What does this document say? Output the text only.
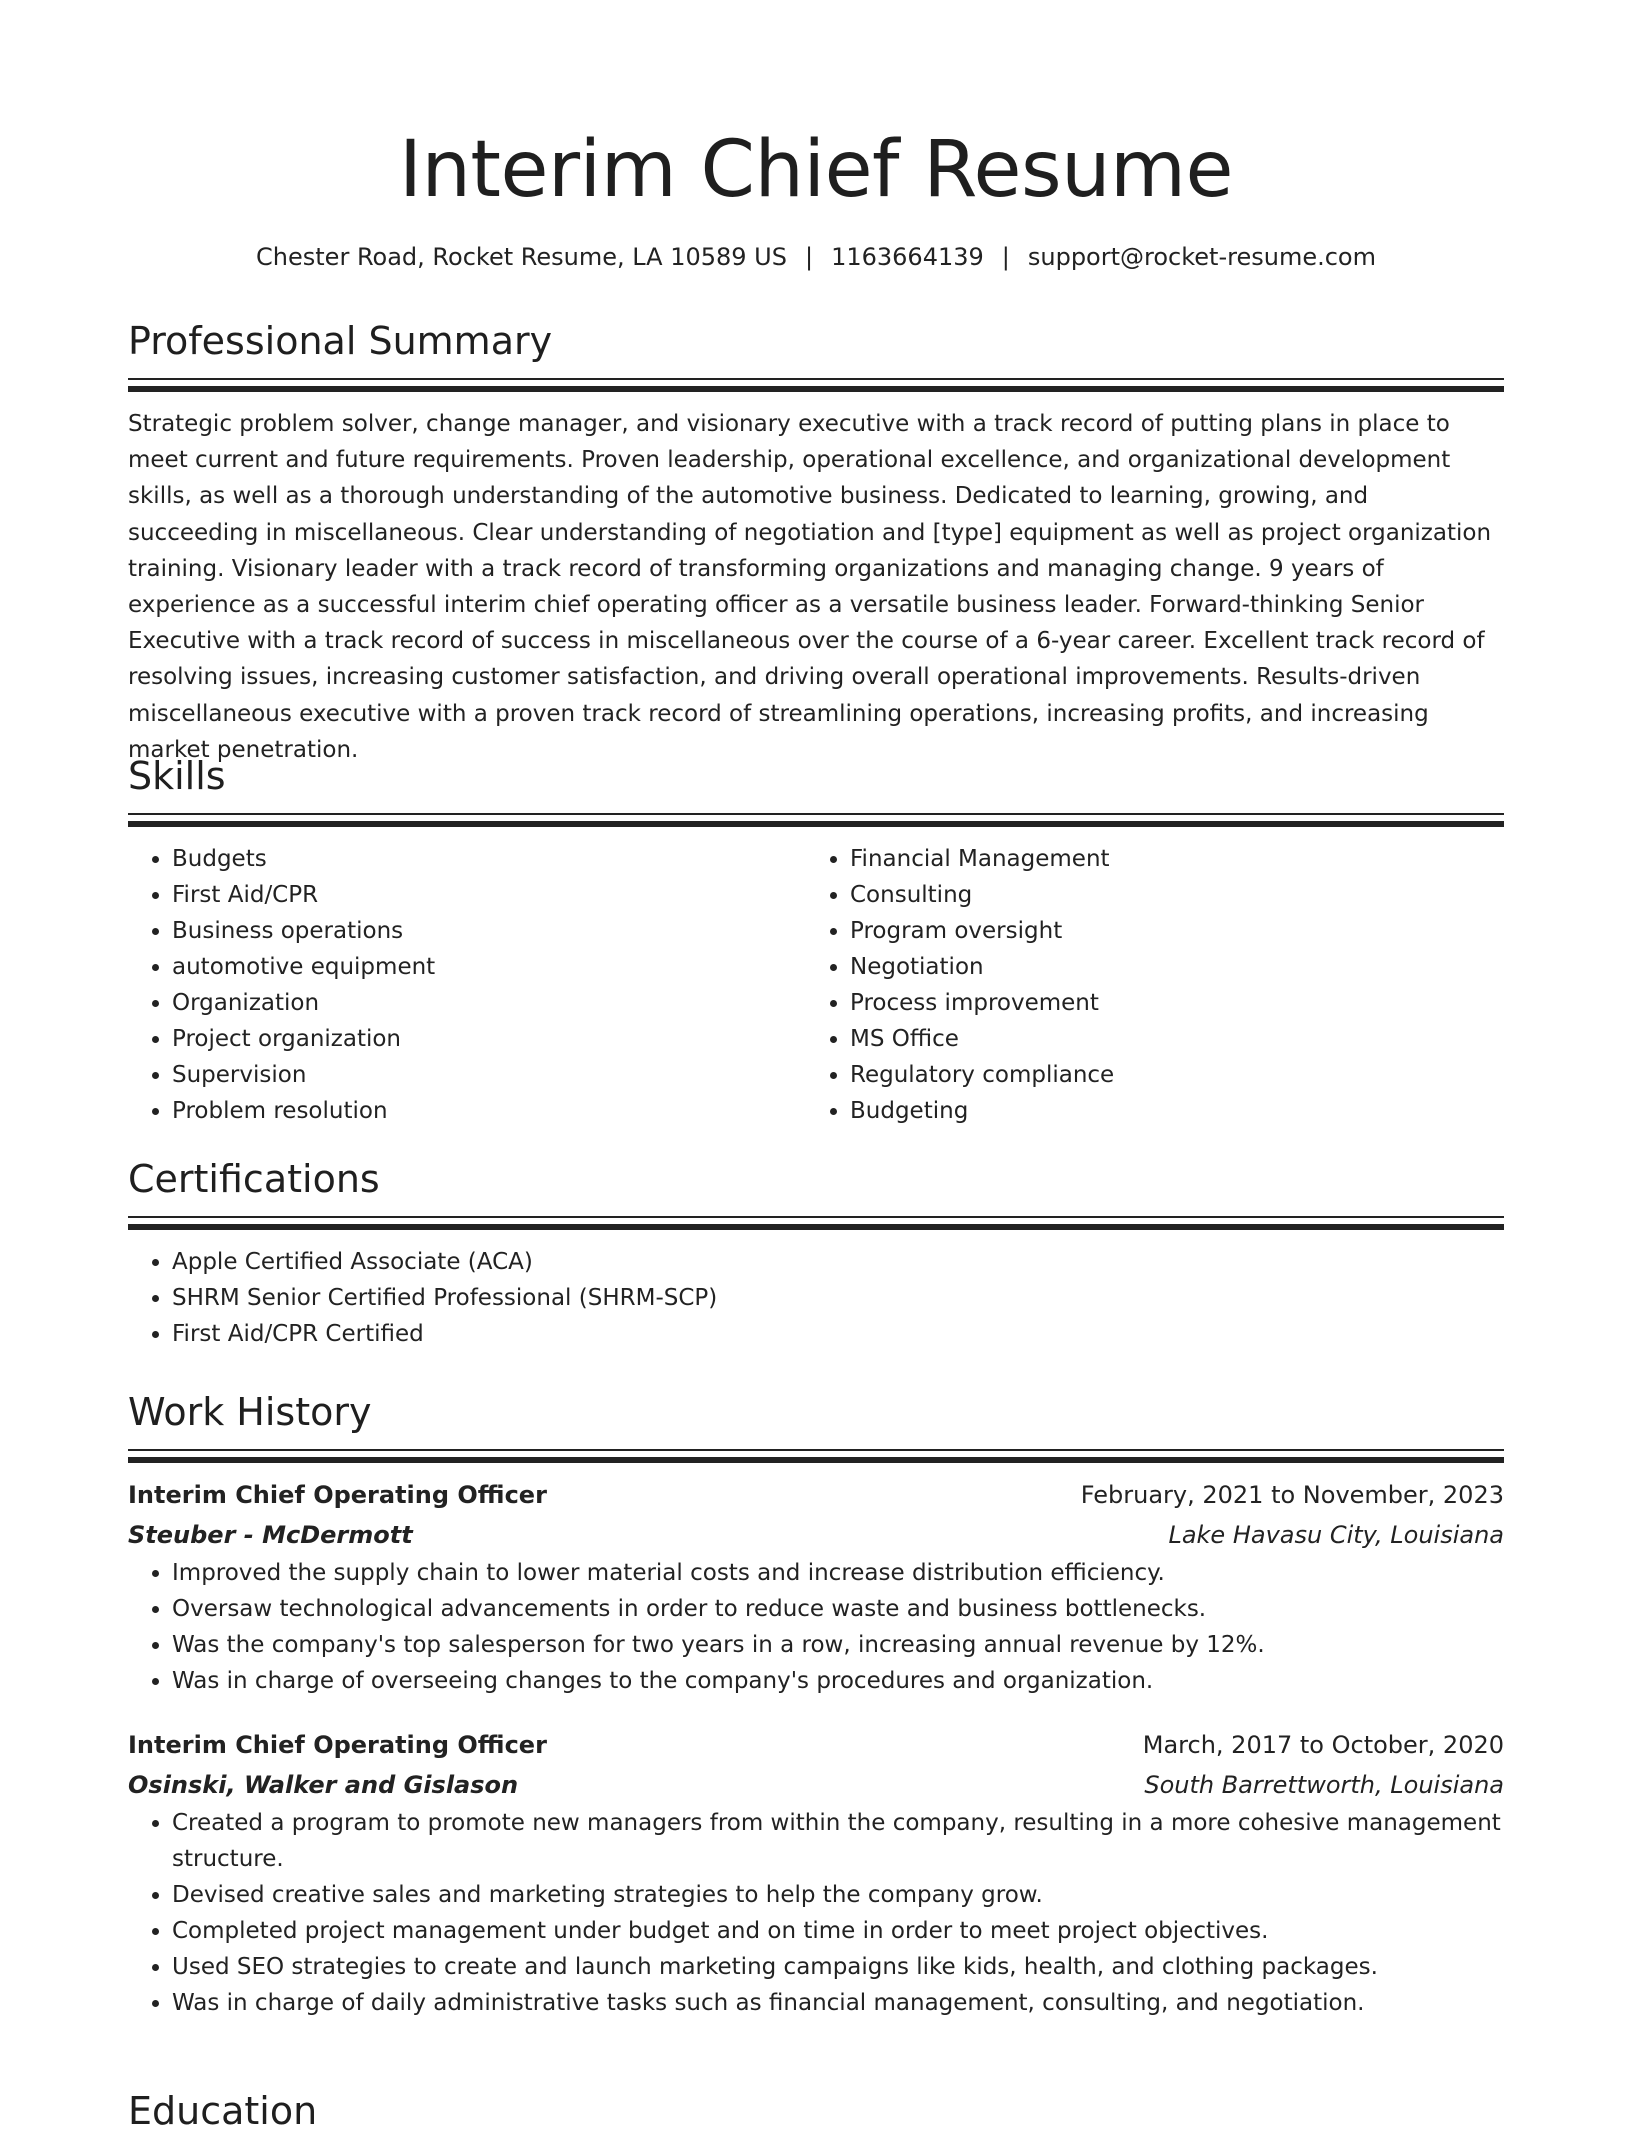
Interim Chief Resume
Chester Road, Rocket Resume, LA 10589 US | 1163664139 | support@rocket-resume.com
Professional Summary
Strategic problem solver, change manager, and visionary executive with a track record of putting plans in place to meet current and future requirements. Proven leadership, operational excellence, and organizational development skills, as well as a thorough understanding of the automotive business. Dedicated to learning, growing, and succeeding in miscellaneous. Clear understanding of negotiation and [type] equipment as well as project organization training. Visionary leader with a track record of transforming organizations and managing change. 9 years of experience as a successful interim chief operating officer as a versatile business leader. Forward-thinking Senior Executive with a track record of success in miscellaneous over the course of a 6-year career. Excellent track record of resolving issues, increasing customer satisfaction, and driving overall operational improvements. Results-driven miscellaneous executive with a proven track record of streamlining operations, increasing profits, and increasing market penetration.
Skills
• Budgets
• First Aid/CPR
• Business operations
• automotive equipment
• Organization
• Project organization
• Supervision
• Problem resolution
• Financial Management
• Consulting
• Program oversight
• Negotiation
• Process improvement
• MS Office
• Regulatory compliance
• Budgeting
Certifications
• Apple Certified Associate (ACA)
• SHRM Senior Certified Professional (SHRM-SCP)
• First Aid/CPR Certified
Work History
Interim Chief Operating Officer	February, 2021 to November, 2023
Steuber - McDermott	Lake Havasu City, Louisiana
• Improved the supply chain to lower material costs and increase distribution efficiency.
• Oversaw technological advancements in order to reduce waste and business bottlenecks.
• Was the company's top salesperson for two years in a row, increasing annual revenue by 12%.
• Was in charge of overseeing changes to the company's procedures and organization.
Interim Chief Operating Officer	March, 2017 to October, 2020
Osinski, Walker and Gislason	South Barrettworth, Louisiana
• Created a program to promote new managers from within the company, resulting in a more cohesive management structure.
• Devised creative sales and marketing strategies to help the company grow.
• Completed project management under budget and on time in order to meet project objectives.
• Used SEO strategies to create and launch marketing campaigns like kids, health, and clothing packages.
• Was in charge of daily administrative tasks such as financial management, consulting, and negotiation.
Education
